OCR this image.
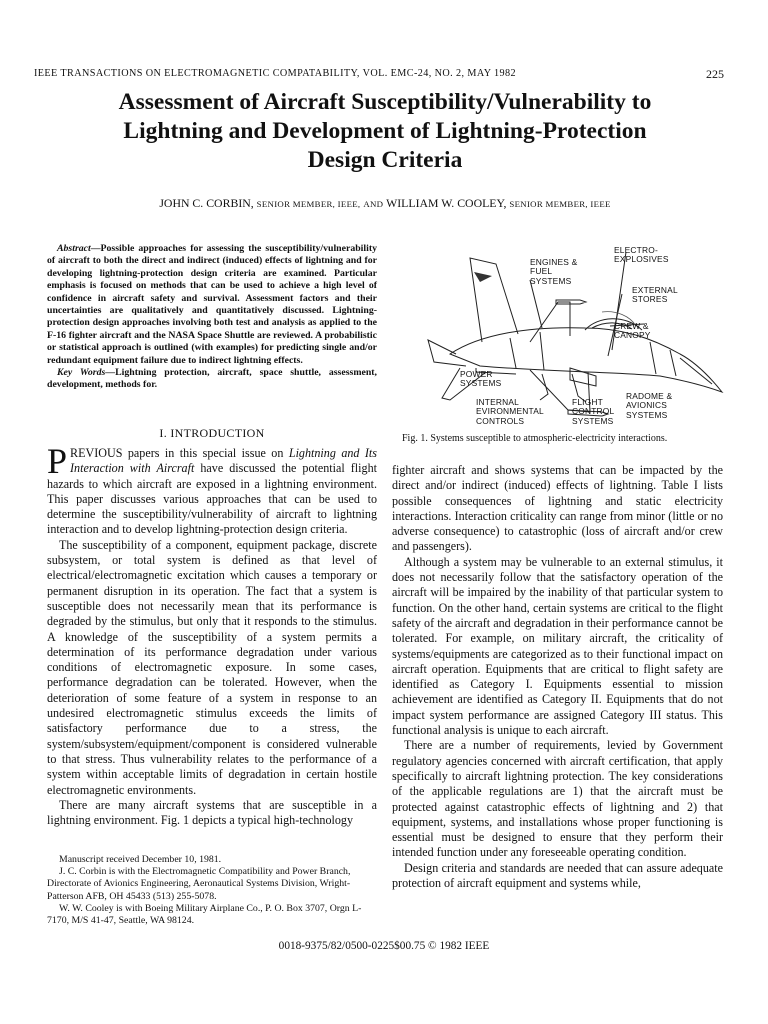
IEEE TRANSACTIONS ON ELECTROMAGNETIC COMPATABILITY, VOL. EMC-24, NO. 2, MAY 1982	225
Assessment of Aircraft Susceptibility/Vulnerability to
Lightning and Development of Lightning-Protection
Design Criteria
JOHN C. CORBIN, SENIOR MEMBER, IEEE, AND WILLIAM W. COOLEY, SENIOR MEMBER, IEEE

Abstract—Possible approaches for assessing the susceptibility/vulnerability of aircraft to both the direct and indirect (induced) effects of lightning and for developing lightning-protection design criteria are examined. Particular emphasis is focused on methods that can be used to achieve a high level of confidence in aircraft safety and survival. Assessment factors and their uncertainties are qualitatively and quantitatively discussed. Lightning-protection design approaches involving both test and analysis as applied to the F-16 fighter aircraft and the NASA Space Shuttle are reviewed. A probabilistic or statistical approach is outlined (with examples) for predicting single and/or redundant equipment failure due to indirect lightning effects.

Key Words—Lightning protection, aircraft, space shuttle, assessment, development, methods for.

I. INTRODUCTION

PREVIOUS papers in this special issue on Lightning and Its Interaction with Aircraft have discussed the potential flight hazards to which aircraft are exposed in a lightning environment. This paper discusses various approaches that can be used to determine the susceptibility/vulnerability of aircraft to lightning interaction and to develop lightning-protection design criteria.

The susceptibility of a component, equipment package, discrete subsystem, or total system is defined as that level of electrical/electromagnetic excitation which causes a temporary or permanent disruption in its operation. The fact that a system is susceptible does not necessarily mean that its performance is degraded by the stimulus, but only that it responds to the stimulus. A knowledge of the susceptibility of a system permits a determination of its performance degradation under various conditions of electromagnetic exposure. In some cases, performance degradation can be tolerated. However, when the deterioration of some feature of a system in response to an undesired electromagnetic stimulus exceeds the limits of satisfactory performance due to a stress, the system/subsystem/equipment/component is considered vulnerable to that stress. Thus vulnerability relates to the performance of a system within acceptable limits of degradation in certain hostile electromagnetic environments.

There are many aircraft systems that are susceptible in a lightning environment. Fig. 1 depicts a typical high-technology

Manuscript received December 10, 1981.

J. C. Corbin is with the Electromagnetic Compatibility and Power Branch, Directorate of Avionics Engineering, Aeronautical Systems Division, Wright-Patterson AFB, OH 45433 (513) 255-5078.

W. W. Cooley is with Boeing Military Airplane Co., P. O. Box 3707, Orgn L-7170, M/S 41-47, Seattle, WA 98124.

ENGINES &
FUEL
SYSTEMS
ELECTRO-
EXPLOSIVES
EXTERNAL
STORES
CREW &
CANOPY
POWER
SYSTEMS
INTERNAL
EVIRONMENTAL
CONTROLS
FLIGHT
CONTROL
SYSTEMS
RADOME &
AVIONICS
SYSTEMS
Fig. 1. Systems susceptible to atmospheric-electricity interactions.

fighter aircraft and shows systems that can be impacted by the direct and/or indirect (induced) effects of lightning. Table I lists possible consequences of lightning and static electricity interactions. Interaction criticality can range from minor (little or no adverse consequence) to catastrophic (loss of aircraft and/or crew and passengers).

Although a system may be vulnerable to an external stimulus, it does not necessarily follow that the satisfactory operation of the aircraft will be impaired by the inability of that particular system to function. On the other hand, certain systems are critical to the flight safety of the aircraft and degradation in their performance cannot be tolerated. For example, on military aircraft, the criticality of systems/equipments are categorized as to their functional impact on aircraft operation. Equipments that are critical to flight safety are identified as Category I. Equipments essential to mission achievement are identified as Category II. Equipments that do not impact system performance are assigned Category III status. This functional analysis is unique to each aircraft.

There are a number of requirements, levied by Government regulatory agencies concerned with aircraft certification, that apply specifically to aircraft lightning protection. The key considerations of the applicable regulations are 1) that the aircraft must be protected against catastrophic effects of lightning and 2) that equipment, systems, and installations whose proper functioning is essential must be designed to ensure that they perform their intended function under any foreseeable operating condition.

Design criteria and standards are needed that can assure adequate protection of aircraft equipment and systems while,

0018-9375/82/0500-0225$00.75 © 1982 IEEE
